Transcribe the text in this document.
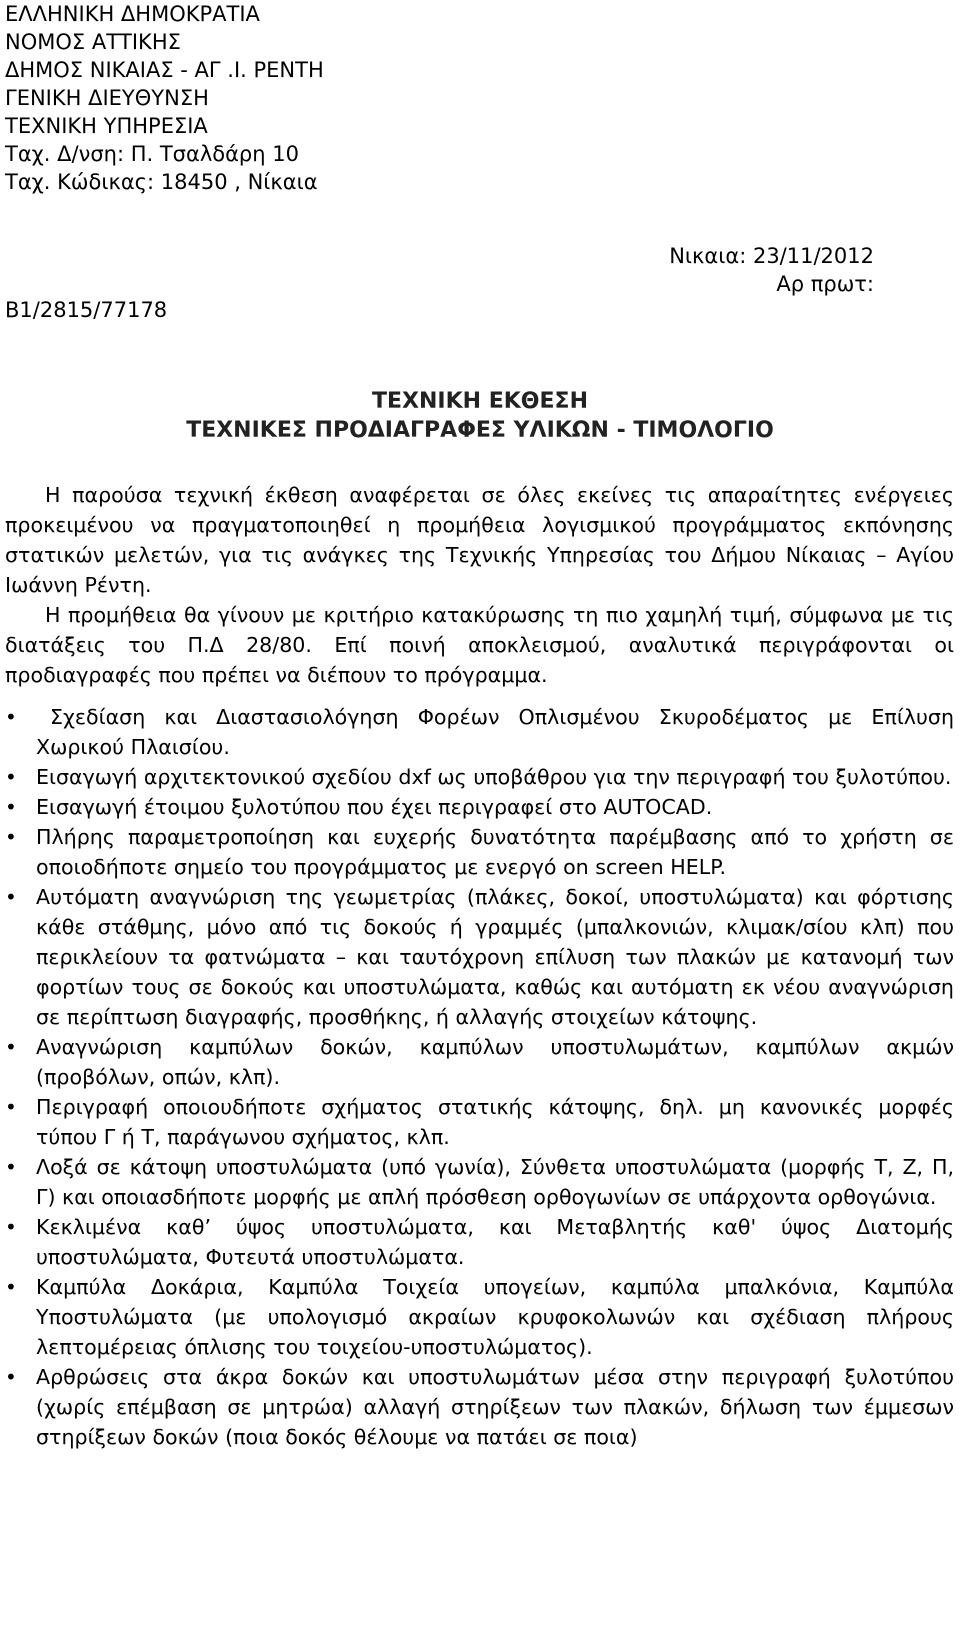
ΕΛΛΗΝΙΚΗ ΔΗΜΟΚΡΑΤΙΑ
ΝΟΜΟΣ ΑΤΤΙΚΗΣ
ΔΗΜΟΣ ΝΙΚΑΙΑΣ - ΑΓ .Ι. ΡΕΝΤΗ
ΓΕΝΙΚΗ ΔΙΕΥΘΥΝΣΗ
ΤΕΧΝΙΚΗ ΥΠΗΡΕΣΙΑ
Ταχ. Δ/νση: Π. Τσαλδάρη 10
Ταχ. Κώδικας: 18450 , Νίκαια
Νικαια: 23/11/2012
Αρ πρωτ:
Β1/2815/77178
ΤΕΧΝΙΚΗ ΕΚΘΕΣΗ
ΤΕΧΝΙΚΕΣ ΠΡΟΔΙΑΓΡΑΦΕΣ ΥΛΙΚΩΝ - ΤΙΜΟΛΟΓΙΟ

Η παρούσα τεχνική έκθεση αναφέρεται σε όλες εκείνες τις απαραίτητες ενέργειες προκειμένου να πραγματοποιηθεί η προμήθεια λογισμικού προγράμματος εκπόνησης στατικών μελετών, για τις ανάγκες της Τεχνικής Υπηρεσίας του Δήμου Νίκαιας – Αγίου Ιωάννη Ρέντη.

Η προμήθεια θα γίνουν με κριτήριο κατακύρωσης τη πιο χαμηλή τιμή, σύμφωνα με τις διατάξεις του Π.Δ 28/80. Επί ποινή αποκλεισμού, αναλυτικά περιγράφονται οι προδιαγραφές που πρέπει να διέπουν το πρόγραμμα.

•	Σχεδίαση και Διαστασιολόγηση Φορέων Οπλισμένου Σκυροδέματος με Επίλυση Χωρικού Πλαισίου.
• Εισαγωγή αρχιτεκτονικού σχεδίου dxf ως υποβάθρου για την περιγραφή του ξυλοτύπου.
• Εισαγωγή έτοιμου ξυλοτύπου που έχει περιγραφεί στο AUTOCAD.
• Πλήρης παραμετροποίηση και ευχερής δυνατότητα παρέμβασης από το χρήστη σε οποιοδήποτε σημείο του προγράμματος με ενεργό on screen HELP.
• Αυτόματη αναγνώριση της γεωμετρίας (πλάκες, δοκοί, υποστυλώματα) και φόρτισης κάθε στάθμης, μόνο από τις δοκούς ή γραμμές (μπαλκονιών, κλιμακ/σίου κλπ) που περικλείουν τα φατνώματα – και ταυτόχρονη επίλυση των πλακών με κατανομή των φορτίων τους σε δοκούς και υποστυλώματα, καθώς και αυτόματη εκ νέου αναγνώριση σε περίπτωση διαγραφής, προσθήκης, ή αλλαγής στοιχείων κάτοψης.
• Αναγνώριση καμπύλων δοκών, καμπύλων υποστυλωμάτων, καμπύλων ακμών (προβόλων, οπών, κλπ).
• Περιγραφή οποιουδήποτε σχήματος στατικής κάτοψης, δηλ. μη κανονικές μορφές τύπου Γ ή Τ, παράγωνου σχήματος, κλπ.
• Λοξά σε κάτοψη υποστυλώματα (υπό γωνία), Σύνθετα υποστυλώματα (μορφής Τ, Ζ, Π, Γ) και οποιασδήποτε μορφής με απλή πρόσθεση ορθογωνίων σε υπάρχοντα ορθογώνια.
• Κεκλιμένα καθ’ ύψος υποστυλώματα, και Μεταβλητής καθ' ύψος Διατομής υποστυλώματα, Φυτευτά υποστυλώματα.
• Καμπύλα Δοκάρια, Καμπύλα Τοιχεία υπογείων, καμπύλα μπαλκόνια, Καμπύλα Υποστυλώματα (με υπολογισμό ακραίων κρυφοκολωνών και σχέδιαση πλήρους λεπτομέρειας όπλισης του τοιχείου-υποστυλώματος).
• Αρθρώσεις στα άκρα δοκών και υποστυλωμάτων μέσα στην περιγραφή ξυλοτύπου (χωρίς επέμβαση σε μητρώα) αλλαγή στηρίξεων των πλακών, δήλωση των έμμεσων στηρίξεων δοκών (ποια δοκός θέλουμε να πατάει σε ποια)
